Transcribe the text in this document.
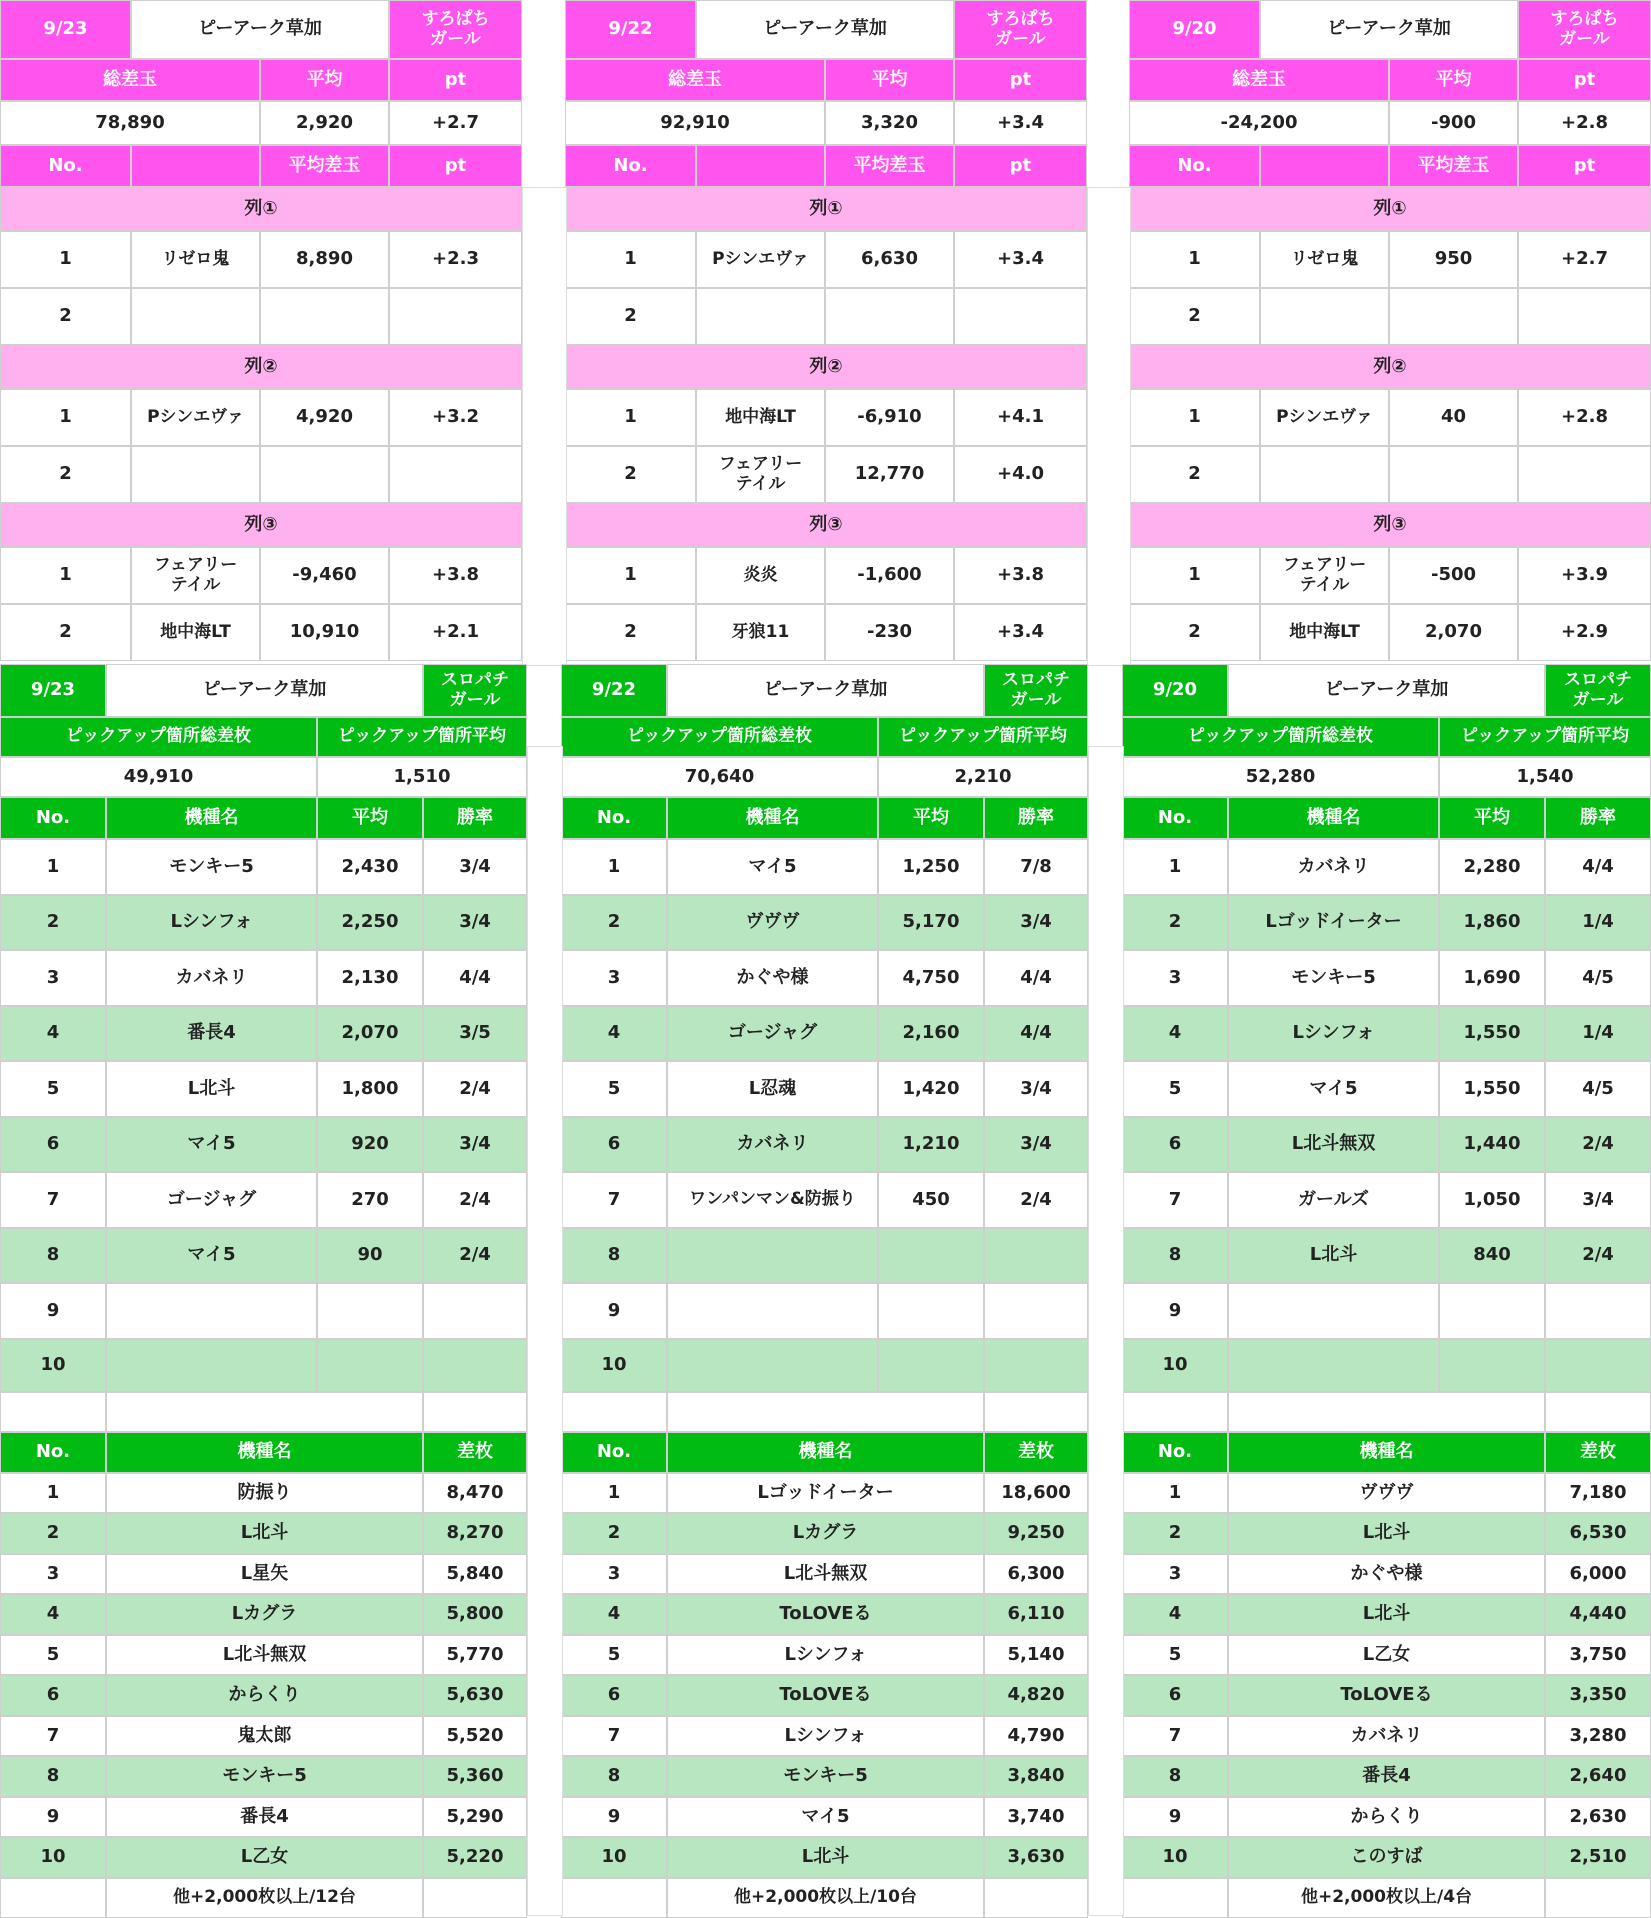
9/23	ピーアーク草加	すろぱち
ガール
総差玉	平均	pt
78,890	2,920	+2.7
No.	平均差玉	pt
列①
1	リゼロ鬼	8,890	+2.3
2
列②
1	Pシンエヴァ	4,920	+3.2
2
列③
1	フェアリー
テイル	-9,460	+3.8
2	地中海LT	10,910	+2.1
9/22	ピーアーク草加	すろぱち
ガール
総差玉	平均	pt
92,910	3,320	+3.4
No.	平均差玉	pt
列①
1	Pシンエヴァ	6,630	+3.4
2
列②
1	地中海LT	-6,910	+4.1
2	フェアリー
テイル	12,770	+4.0
列③
1	炎炎	-1,600	+3.8
2	牙狼11	-230	+3.4
9/20	ピーアーク草加	すろぱち
ガール
総差玉	平均	pt
-24,200	-900	+2.8
No.	平均差玉	pt
列①
1	リゼロ鬼	950	+2.7
2
列②
1	Pシンエヴァ	40	+2.8
2
列③
1	フェアリー
テイル	-500	+3.9
2	地中海LT	2,070	+2.9
9/23	ピーアーク草加	スロパチ
ガール
ピックアップ箇所総差枚	ピックアップ箇所平均
49,910	1,510
No.	機種名	平均	勝率
1	モンキー5	2,430	3/4
2	Lシンフォ	2,250	3/4
3	カバネリ	2,130	4/4
4	番長4	2,070	3/5
5	L北斗	1,800	2/4
6	マイ5	920	3/4
7	ゴージャグ	270	2/4
8	マイ5	90	2/4
9
10
No.	機種名	差枚
1	防振り	8,470
2	L北斗	8,270
3	L星矢	5,840
4	Lカグラ	5,800
5	L北斗無双	5,770
6	からくり	5,630
7	鬼太郎	5,520
8	モンキー5	5,360
9	番長4	5,290
10	L乙女	5,220
他+2,000枚以上/12台
9/22	ピーアーク草加	スロパチ
ガール
ピックアップ箇所総差枚	ピックアップ箇所平均
70,640	2,210
No.	機種名	平均	勝率
1	マイ5	1,250	7/8
2	ヴヴヴ	5,170	3/4
3	かぐや様	4,750	4/4
4	ゴージャグ	2,160	4/4
5	L忍魂	1,420	3/4
6	カバネリ	1,210	3/4
7	ワンパンマン&防振り	450	2/4
8
9
10
No.	機種名	差枚
1	Lゴッドイーター	18,600
2	Lカグラ	9,250
3	L北斗無双	6,300
4	ToLOVEる	6,110
5	Lシンフォ	5,140
6	ToLOVEる	4,820
7	Lシンフォ	4,790
8	モンキー5	3,840
9	マイ5	3,740
10	L北斗	3,630
他+2,000枚以上/10台
9/20	ピーアーク草加	スロパチ
ガール
ピックアップ箇所総差枚	ピックアップ箇所平均
52,280	1,540
No.	機種名	平均	勝率
1	カバネリ	2,280	4/4
2	Lゴッドイーター	1,860	1/4
3	モンキー5	1,690	4/5
4	Lシンフォ	1,550	1/4
5	マイ5	1,550	4/5
6	L北斗無双	1,440	2/4
7	ガールズ	1,050	3/4
8	L北斗	840	2/4
9
10
No.	機種名	差枚
1	ヴヴヴ	7,180
2	L北斗	6,530
3	かぐや様	6,000
4	L北斗	4,440
5	L乙女	3,750
6	ToLOVEる	3,350
7	カバネリ	3,280
8	番長4	2,640
9	からくり	2,630
10	このすば	2,510
他+2,000枚以上/4台
